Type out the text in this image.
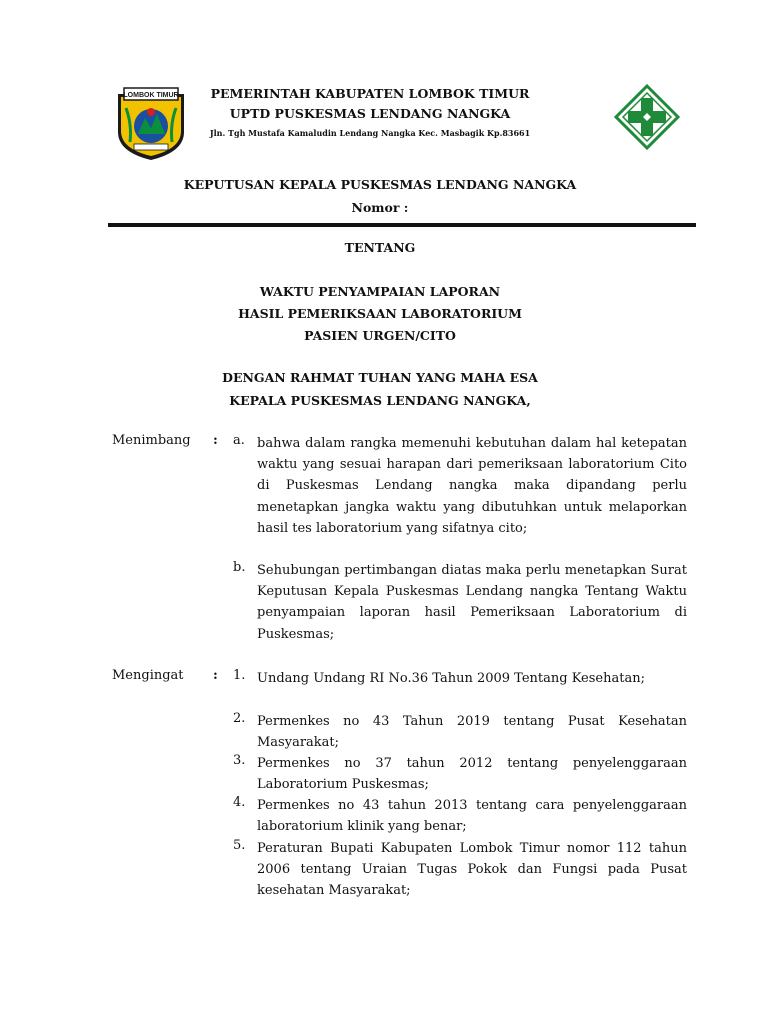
LOMBOK TIMUR	PEMERINTAH KABUPATEN LOMBOK TIMUR
UPTD PUSKESMAS LENDANG NANGKA
Jln. Tgh Mustafa Kamaludin Lendang Nangka Kec. Masbagik Kp.83661
KEPUTUSAN KEPALA PUSKESMAS LENDANG NANGKA
Nomor :
TENTANG
WAKTU PENYAMPAIAN LAPORAN
HASIL PEMERIKSAAN LABORATORIUM
PASIEN URGEN/CITO
DENGAN RAHMAT TUHAN YANG MAHA ESA
KEPALA PUSKESMAS LENDANG NANGKA,
Menimbang : a. bahwa dalam rangka memenuhi kebutuhan dalam hal ketepatan waktu yang sesuai harapan dari pemeriksaan laboratorium Cito di Puskesmas Lendang nangka maka dipandang perlu menetapkan jangka waktu yang dibutuhkan untuk melaporkan hasil tes laboratorium yang sifatnya cito;
b. Sehubungan pertimbangan diatas maka perlu menetapkan Surat Keputusan Kepala Puskesmas Lendang nangka Tentang Waktu penyampaian laporan hasil Pemeriksaan Laboratorium di Puskesmas;
Mengingat : 1. Undang Undang RI No.36 Tahun 2009 Tentang Kesehatan;
2. Permenkes no 43 Tahun 2019 tentang Pusat Kesehatan Masyarakat;
3. Permenkes no 37 tahun 2012 tentang penyelenggaraan Laboratorium Puskesmas;
4. Permenkes no 43 tahun 2013 tentang cara penyelenggaraan laboratorium klinik yang benar;
5. Peraturan Bupati Kabupaten Lombok Timur nomor 112 tahun 2006 tentang Uraian Tugas Pokok dan Fungsi pada Pusat kesehatan Masyarakat;
